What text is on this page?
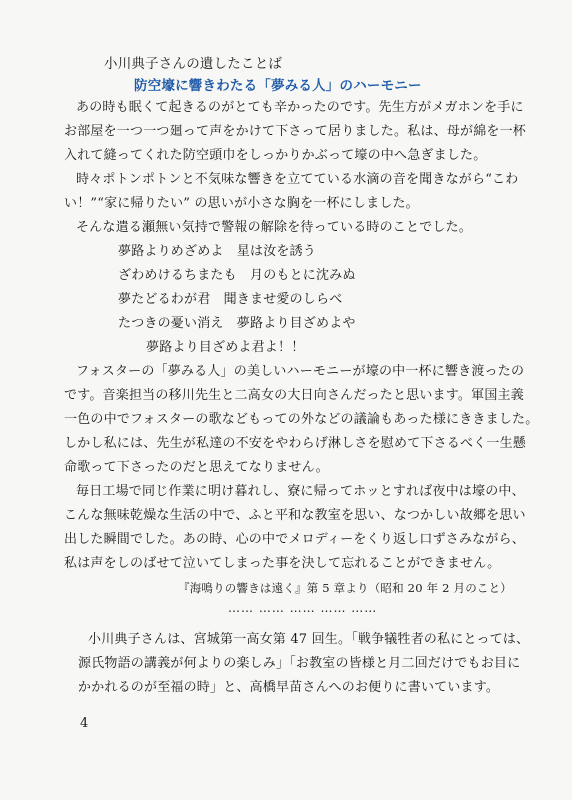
小川典子さんの遺したことば
防空壕に響きわたる「夢みる人」のハーモニー
あの時も眠くて起きるのがとても辛かったのです。先生方がメガホンを手に
お部屋を一つ一つ廻って声をかけて下さって居りました。私は、母が綿を一杯
入れて縫ってくれた防空頭巾をしっかりかぶって壕の中へ急ぎました。
時々ポトンポトンと不気味な響きを立てている水滴の音を聞きながら“こわ
い！”“家に帰りたい” の思いが小さな胸を一杯にしました。
そんな遣る瀬無い気持で警報の解除を待っている時のことでした。
夢路よりめざめよ　星は汝を誘う
ざわめけるちまたも　月のもとに沈みぬ
夢たどるわが君　聞きませ愛のしらべ
たつきの憂い消え　夢路より目ざめよや
夢路より目ざめよ君よ！！
フォスターの「夢みる人」の美しいハーモニーが壕の中一杯に響き渡ったの
です。音楽担当の移川先生と二高女の大日向さんだったと思います。軍国主義
一色の中でフォスターの歌などもっての外などの議論もあった様にききました。
しかし私には、先生が私達の不安をやわらげ淋しさを慰めて下さるべく一生懸
命歌って下さったのだと思えてなりません。
毎日工場で同じ作業に明け暮れし、寮に帰ってホッとすれば夜中は壕の中、
こんな無味乾燥な生活の中で、ふと平和な教室を思い、なつかしい故郷を思い
出した瞬間でした。あの時、心の中でメロディーをくり返し口ずさみながら、
私は声をしのばせて泣いてしまった事を決して忘れることができません。
『海鳴りの響きは遠く』第 5 章より（昭和 20 年 2 月のこと）
…… …… …… …… ……
小川典子さんは、宮城第一高女第 47 回生。「戦争犠牲者の私にとっては、
源氏物語の講義が何よりの楽しみ」「お教室の皆様と月二回だけでもお目に
かかれるのが至福の時」と、高橋早苗さんへのお便りに書いています。
4
